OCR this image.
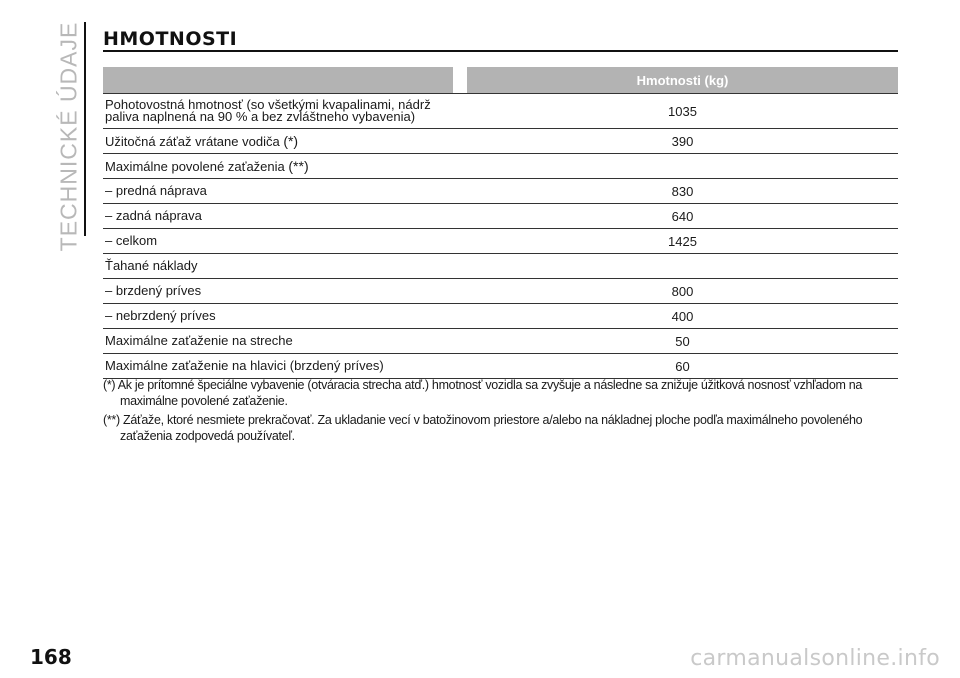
TECHNICKÉ ÚDAJE HMOTNOSTI
Hmotnosti (kg)
Pohotovostná hmotnosť (so všetkými kvapalinami, nádrž paliva naplnená na 90 % a bez zvláštneho vybavenia)	1035
Užitočná záťaž vrátane vodiča (*)	390
Maximálne povolené zaťaženia (**)
– predná náprava	830
– zadná náprava	640
– celkom	1425
Ťahané náklady
– brzdený príves	800
– nebrzdený príves	400
Maximálne zaťaženie na streche	50
Maximálne zaťaženie na hlavici (brzdený príves)	60
(*) Ak je prítomné špeciálne vybavenie (otváracia strecha atď.) hmotnosť vozidla sa zvyšuje a následne sa znižuje úžitková nosnosť vzhľadom na maximálne povolené zaťaženie.
(**) Záťaže, ktoré nesmiete prekračovať. Za ukladanie vecí v batožinovom priestore a/alebo na nákladnej ploche podľa maximálneho povoleného zaťaženia zodpovedá používateľ.
168	carmanualsonline.info
